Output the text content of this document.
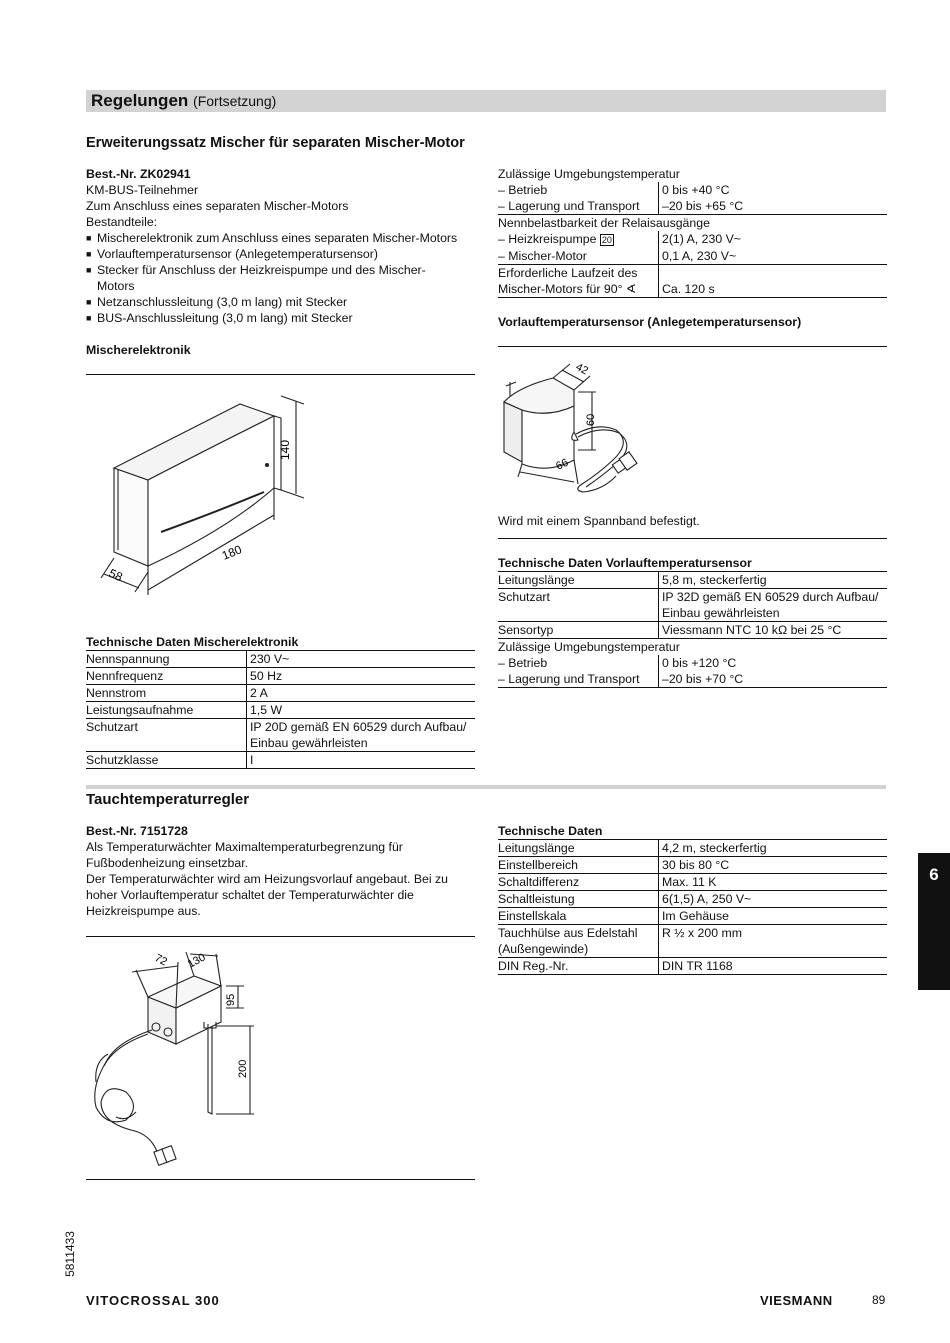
Regelungen (Fortsetzung)
Erweiterungssatz Mischer für separaten Mischer-Motor

Best.-Nr. ZK02941

KM-BUS-Teilnehmer

Zum Anschluss eines separaten Mischer-Motors

Bestandteile:

■ Mischerelektronik zum Anschluss eines separaten Mischer-Motors
■ Vorlauftemperatursensor (Anlegetemperatursensor)
■ Stecker für Anschluss der Heizkreispumpe und des Mischer-Motors
■ Netzanschlussleitung (3,0 m lang) mit Stecker
■ BUS-Anschlussleitung (3,0 m lang) mit Stecker
Mischerelektronik
140
180
58
Technische Daten Mischerelektronik
Nennspannung	230 V~
Nennfrequenz	50 Hz
Nennstrom	2 A
Leistungsaufnahme	1,5 W
Schutzart	IP 20D gemäß EN 60529 durch Aufbau/ Einbau gewährleisten
Schutzklasse	I
Zulässige Umgebungstemperatur	
– Betrieb	0 bis +40 °C
– Lagerung und Transport	–20 bis +65 °C
Nennbelastbarkeit der Relaisausgänge	
– Heizkreispumpe 20	2(1) A, 230 V~
– Mischer-Motor	0,1 A, 230 V~
Erforderliche Laufzeit des Mischer-Motors für 90° ∢	Ca. 120 s
Vorlauftemperatursensor (Anlegetemperatursensor)
42
60
66
Wird mit einem Spannband befestigt.
Technische Daten Vorlauftemperatursensor
Leitungslänge	5,8 m, steckerfertig
Schutzart	IP 32D gemäß EN 60529 durch Aufbau/ Einbau gewährleisten
Sensortyp	Viessmann NTC 10 kΩ bei 25 °C
Zulässige Umgebungstemperatur	
– Betrieb	0 bis +120 °C
– Lagerung und Transport	–20 bis +70 °C
Tauchtemperaturregler

Best.-Nr. 7151728

Als Temperaturwächter Maximaltemperaturbegrenzung für Fußbodenheizung einsetzbar.

Der Temperaturwächter wird am Heizungsvorlauf angebaut. Bei zu hoher Vorlauftemperatur schaltet der Temperaturwächter die Heizkreispumpe aus.

72 130
95
200
Technische Daten
Leitungslänge	4,2 m, steckerfertig
Einstellbereich	30 bis 80 °C
Schaltdifferenz	Max. 11 K
Schaltleistung	6(1,5) A, 250 V~
Einstellskala	Im Gehäuse
Tauchhülse aus Edelstahl (Außengewinde)	R ½ x 200 mm
DIN Reg.-Nr.	DIN TR 1168
6
5811433
VITOCROSSAL 300	VIESMANN	89
